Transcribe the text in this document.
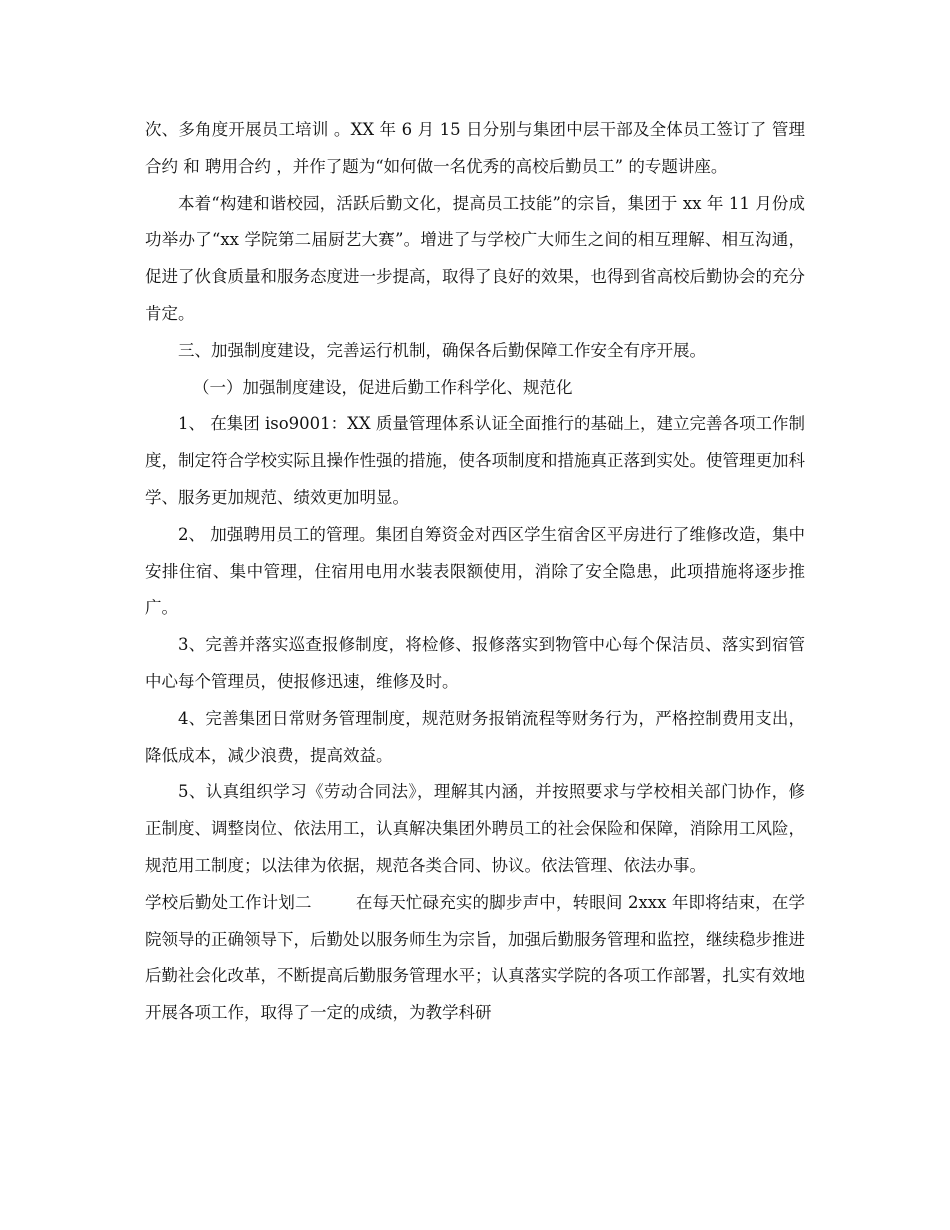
次、多角度开展员工培训 。XX 年 6 月 15 日分别与集团中层干部及全体员工签订了 管理合约 和 聘用合约 ，并作了题为“如何做一名优秀的高校后勤员工” 的专题讲座。

本着“构建和谐校园，活跃后勤文化，提高员工技能”的宗旨，集团于 xx 年 11 月份成功举办了“xx 学院第二届厨艺大赛”。增进了与学校广大师生之间的相互理解、相互沟通，促进了伙食质量和服务态度进一步提高，取得了良好的效果，也得到省高校后勤协会的充分肯定。

三、加强制度建设，完善运行机制，确保各后勤保障工作安全有序开展。

（一）加强制度建设，促进后勤工作科学化、规范化

1、 在集团 iso9001：XX 质量管理体系认证全面推行的基础上，建立完善各项工作制度，制定符合学校实际且操作性强的措施，使各项制度和措施真正落到实处。使管理更加科学、服务更加规范、绩效更加明显。

2、 加强聘用员工的管理。集团自筹资金对西区学生宿舍区平房进行了维修改造，集中安排住宿、集中管理，住宿用电用水装表限额使用，消除了安全隐患，此项措施将逐步推广。

3、完善并落实巡查报修制度，将检修、报修落实到物管中心每个保洁员、落实到宿管中心每个管理员，使报修迅速，维修及时。

4、完善集团日常财务管理制度，规范财务报销流程等财务行为，严格控制费用支出，降低成本，减少浪费，提高效益。

5、认真组织学习《劳动合同法》，理解其内涵，并按照要求与学校相关部门协作，修正制度、调整岗位、依法用工，认真解决集团外聘员工的社会保险和保障，消除用工风险，规范用工制度；以法律为依据，规范各类合同、协议。依法管理、依法办事。

学校后勤处工作计划二	在每天忙碌充实的脚步声中，转眼间 2xxx 年即将结束，在学院领导的正确领导下，后勤处以服务师生为宗旨，加强后勤服务管理和监控，继续稳步推进后勤社会化改革，不断提高后勤服务管理水平；认真落实学院的各项工作部署，扎实有效地开展各项工作，取得了一定的成绩，为教学科研
